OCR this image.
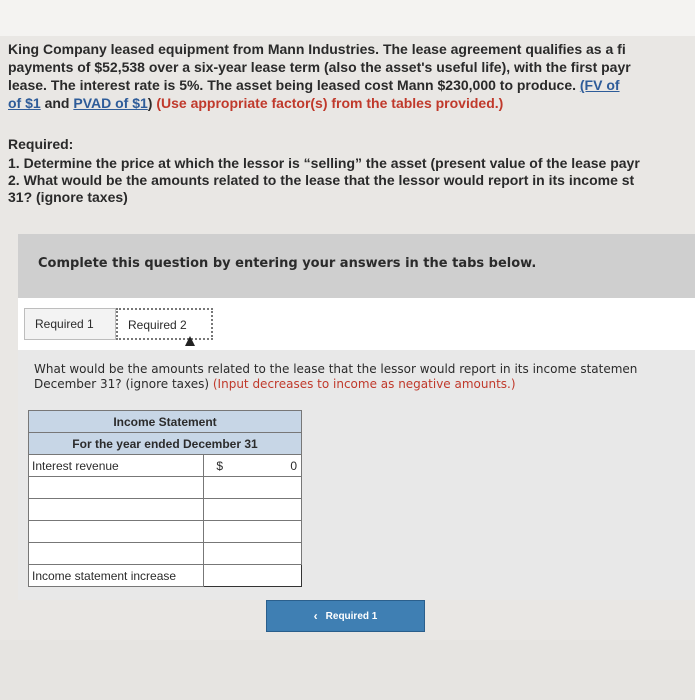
King Company leased equipment from Mann Industries. The lease agreement qualifies as a fi
payments of $52,538 over a six-year lease term (also the asset's useful life), with the first payr
lease. The interest rate is 5%. The asset being leased cost Mann $230,000 to produce. (FV of
of $1 and PVAD of $1) (Use appropriate factor(s) from the tables provided.)
Required:
1. Determine the price at which the lessor is “selling” the asset (present value of the lease payr
2. What would be the amounts related to the lease that the lessor would report in its income st
31? (ignore taxes)
Complete this question by entering your answers in the tabs below.
Required 1	Required 2
What would be the amounts related to the lease that the lessor would report in its income statemen
December 31? (ignore taxes) (Input decreases to income as negative amounts.)
Income Statement		
For the year ended December 31		
Interest revenue	$	0

Income statement increase		
‹ Required 1
